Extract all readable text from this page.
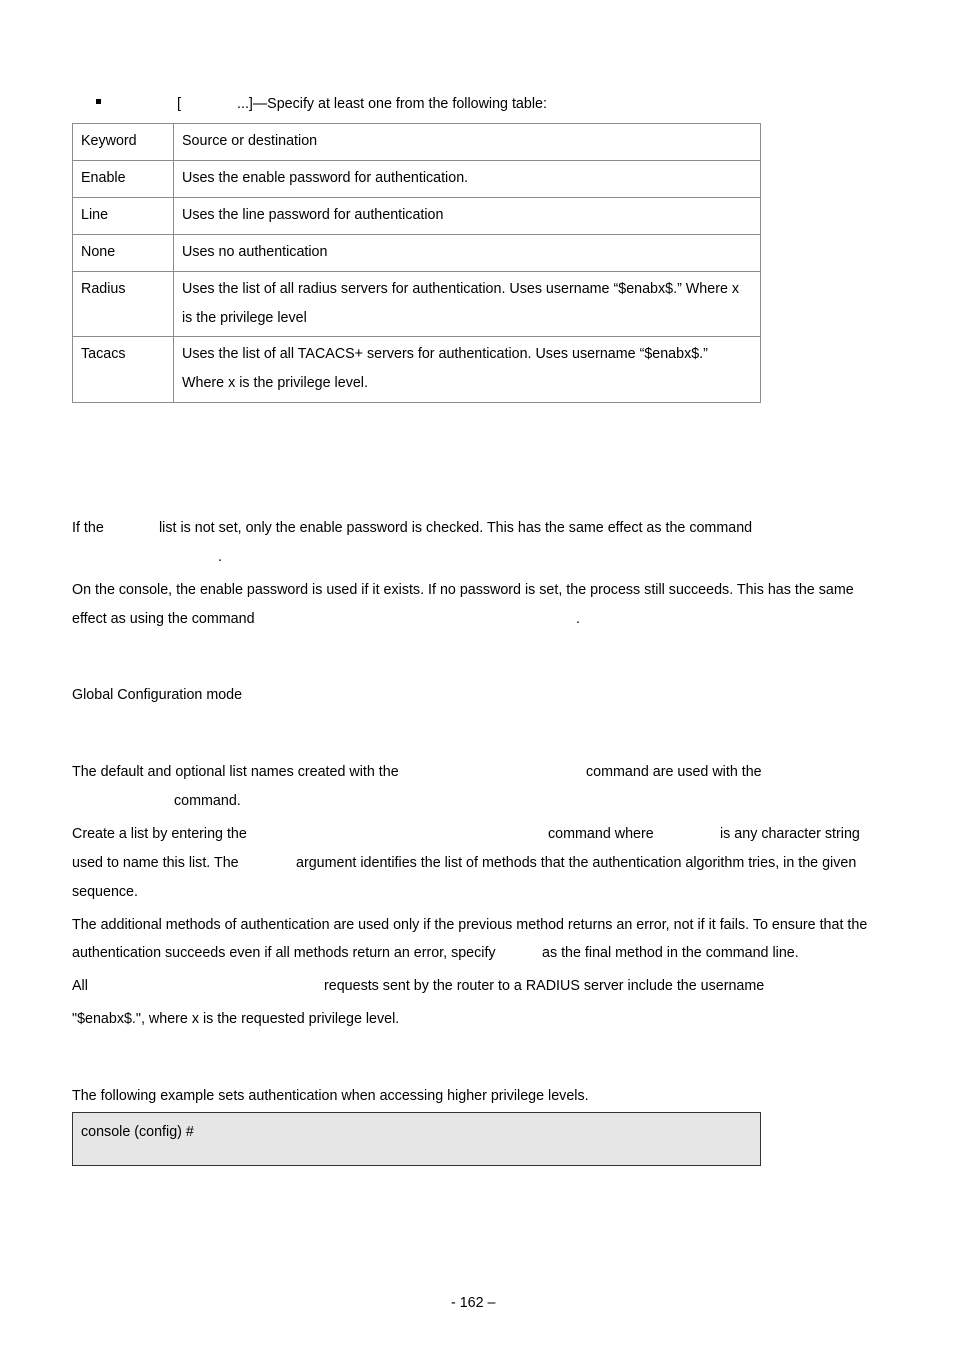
[	...]—Specify at least one from the following table:
Keyword	Source or destination
Enable	Uses the enable password for authentication.
Line	Uses the line password for authentication
None	Uses no authentication
Radius	Uses the list of all radius servers for authentication. Uses username “$enabx$.” Where x
is the privilege level
Tacacs	Uses the list of all TACACS+ servers for authentication. Uses username “$enabx$.”
Where x is the privilege level.
If the	list is not set, only the enable password is checked. This has the same effect as the command
.
On the console, the enable password is used if it exists. If no password is set, the process still succeeds. This has the same
effect as using the command	.
Global Configuration mode
The default and optional list names created with the	command are used with the
command.
Create a list by entering the	command where	is any character string
used to name this list. The	argument identifies the list of methods that the authentication algorithm tries, in the given
sequence.
The additional methods of authentication are used only if the previous method returns an error, not if it fails. To ensure that the
authentication succeeds even if all methods return an error, specify	as the final method in the command line.
All	requests sent by the router to a RADIUS server include the username
"$enabx$.", where x is the requested privilege level.
The following example sets authentication when accessing higher privilege levels.
console (config) #
- 162 –
